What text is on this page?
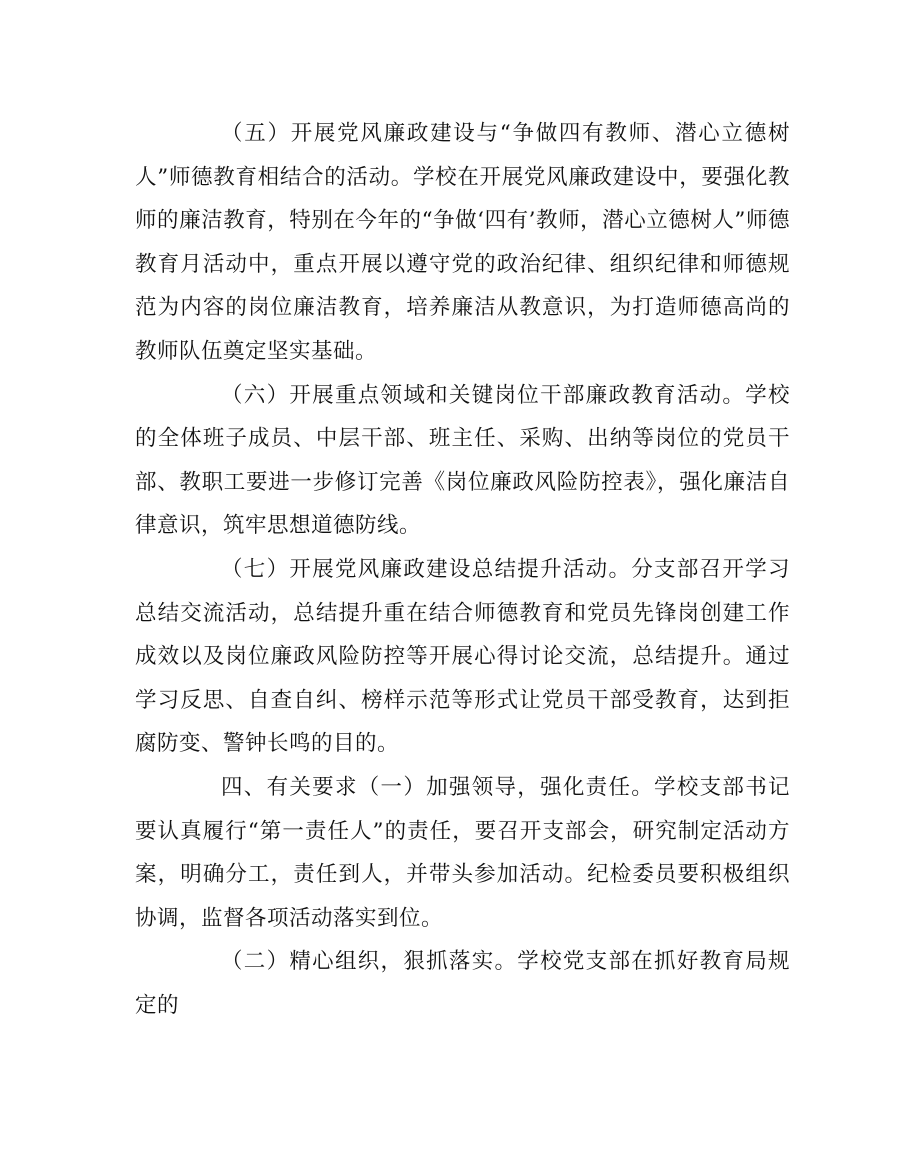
（五）开展党风廉政建设与“争做四有教师、潜心立德树人”师德教育相结合的活动。学校在开展党风廉政建设中，要强化教师的廉洁教育，特别在今年的“争做‘四有’教师，潜心立德树人”师德教育月活动中，重点开展以遵守党的政治纪律、组织纪律和师德规范为内容的岗位廉洁教育，培养廉洁从教意识，为打造师德高尚的教师队伍奠定坚实基础。

（六）开展重点领域和关键岗位干部廉政教育活动。学校的全体班子成员、中层干部、班主任、采购、出纳等岗位的党员干部、教职工要进一步修订完善《岗位廉政风险防控表》，强化廉洁自律意识，筑牢思想道德防线。

（七）开展党风廉政建设总结提升活动。分支部召开学习总结交流活动，总结提升重在结合师德教育和党员先锋岗创建工作成效以及岗位廉政风险防控等开展心得讨论交流，总结提升。通过学习反思、自查自纠、榜样示范等形式让党员干部受教育，达到拒腐防变、警钟长鸣的目的。

四、有关要求（一）加强领导，强化责任。学校支部书记要认真履行“第一责任人”的责任，要召开支部会，研究制定活动方案，明确分工，责任到人，并带头参加活动。纪检委员要积极组织协调，监督各项活动落实到位。

（二）精心组织，狠抓落实。学校党支部在抓好教育局规定的
